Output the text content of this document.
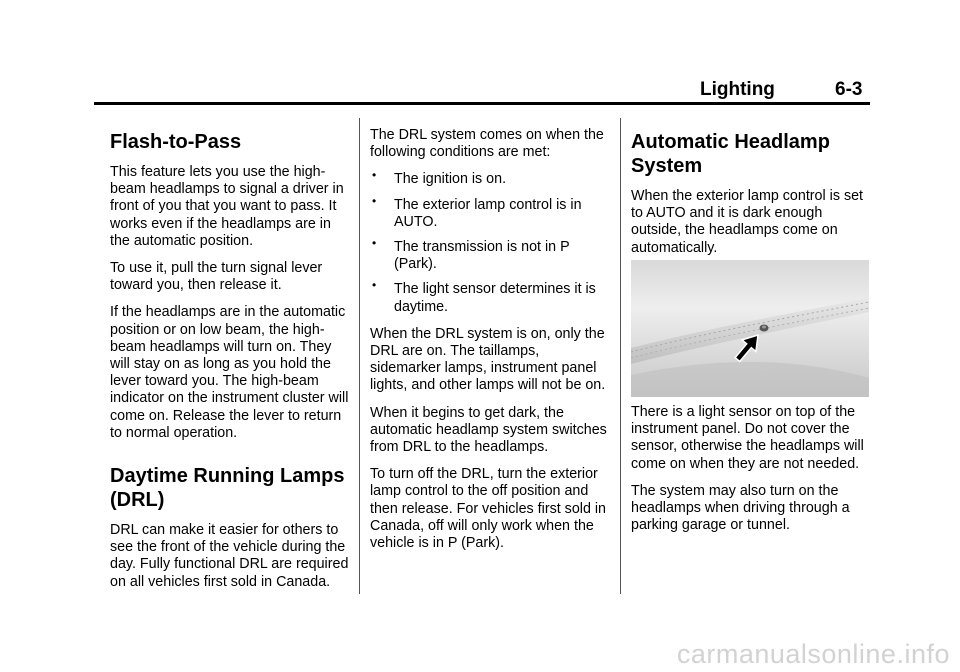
Lighting	6-3
Flash-to-Pass

This feature lets you use the high-beam headlamps to signal a driver in front of you that you want to pass. It works even if the headlamps are in the automatic position.

To use it, pull the turn signal lever toward you, then release it.

If the headlamps are in the automatic position or on low beam, the high-beam headlamps will turn on. They will stay on as long as you hold the lever toward you. The high-beam indicator on the instrument cluster will come on. Release the lever to return to normal operation.

Daytime Running Lamps (DRL)

DRL can make it easier for others to see the front of the vehicle during the day. Fully functional DRL are required on all vehicles first sold in Canada.

The DRL system comes on when the following conditions are met:

• The ignition is on.
• The exterior lamp control is in AUTO.
• The transmission is not in P (Park).
• The light sensor determines it is daytime.

When the DRL system is on, only the DRL are on. The taillamps, sidemarker lamps, instrument panel lights, and other lamps will not be on.

When it begins to get dark, the automatic headlamp system switches from DRL to the headlamps.

To turn off the DRL, turn the exterior lamp control to the off position and then release. For vehicles first sold in Canada, off will only work when the vehicle is in P (Park).

Automatic Headlamp System

When the exterior lamp control is set to AUTO and it is dark enough outside, the headlamps come on automatically.

There is a light sensor on top of the instrument panel. Do not cover the sensor, otherwise the headlamps will come on when they are not needed.

The system may also turn on the headlamps when driving through a parking garage or tunnel.

carmanualsonline.info
